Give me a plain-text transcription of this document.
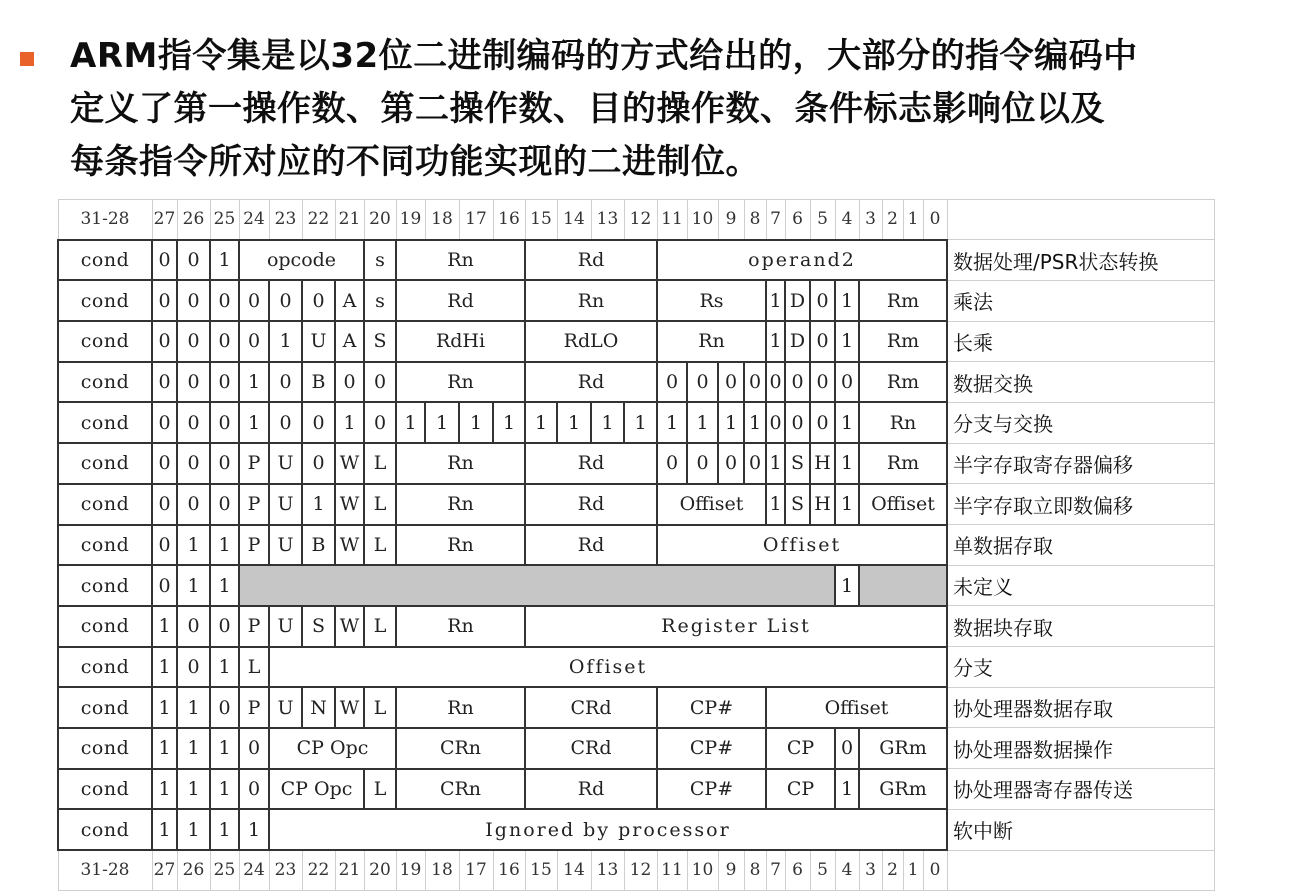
ARM指令集是以32位二进制编码的方式给出的，大部分的指令编码中
定义了第一操作数、第二操作数、目的操作数、条件标志影响位以及
每条指令所对应的不同功能实现的二进制位。
31-28	27	26	25	24	23	22	21	20	19	18	17	16	15	14	13	12	11	10	9	8	7	6	5	4	3	2	1	0	
cond	0	0	1	opcode				s	Rn				Rd				operand2												数据处理/PSR状态转换
cond	0	0	0	0	0	0	A	s	Rd				Rn				Rs				1	D	0	1	Rm				乘法
cond	0	0	0	0	1	U	A	S	RdHi				RdLO				Rn				1	D	0	1	Rm				长乘
cond	0	0	0	1	0	B	0	0	Rn				Rd				0	0	0	0	0	0	0	0	Rm				数据交换
cond	0	0	0	1	0	0	1	0	1	1	1	1	1	1	1	1	1	1	1	1	0	0	0	1	Rn				分支与交换
cond	0	0	0	P	U	0	W	L	Rn				Rd				0	0	0	0	1	S	H	1	Rm				半字存取寄存器偏移
cond	0	0	0	P	U	1	W	L	Rn				Rd				Offiset				1	S	H	1	Offiset				半字存取立即数偏移
cond	0	1	1	P	U	B	W	L	Rn				Rd				Offiset												单数据存取
cond	0	1	1																					1					未定义
cond	1	0	0	P	U	S	W	L	Rn				Register List																数据块存取
cond	1	0	1	L	Offiset																								分支
cond	1	1	0	P	U	N	W	L	Rn				CRd				CP#				Offiset								协处理器数据存取
cond	1	1	1	0	CP Opc				CRn				CRd				CP#				CP			0	GRm				协处理器数据操作
cond	1	1	1	0	CP Opc			L	CRn				Rd				CP#				CP			1	GRm				协处理器寄存器传送
cond	1	1	1	1	Ignored by processor																								软中断
31-28	27	26	25	24	23	22	21	20	19	18	17	16	15	14	13	12	11	10	9	8	7	6	5	4	3	2	1	0	
